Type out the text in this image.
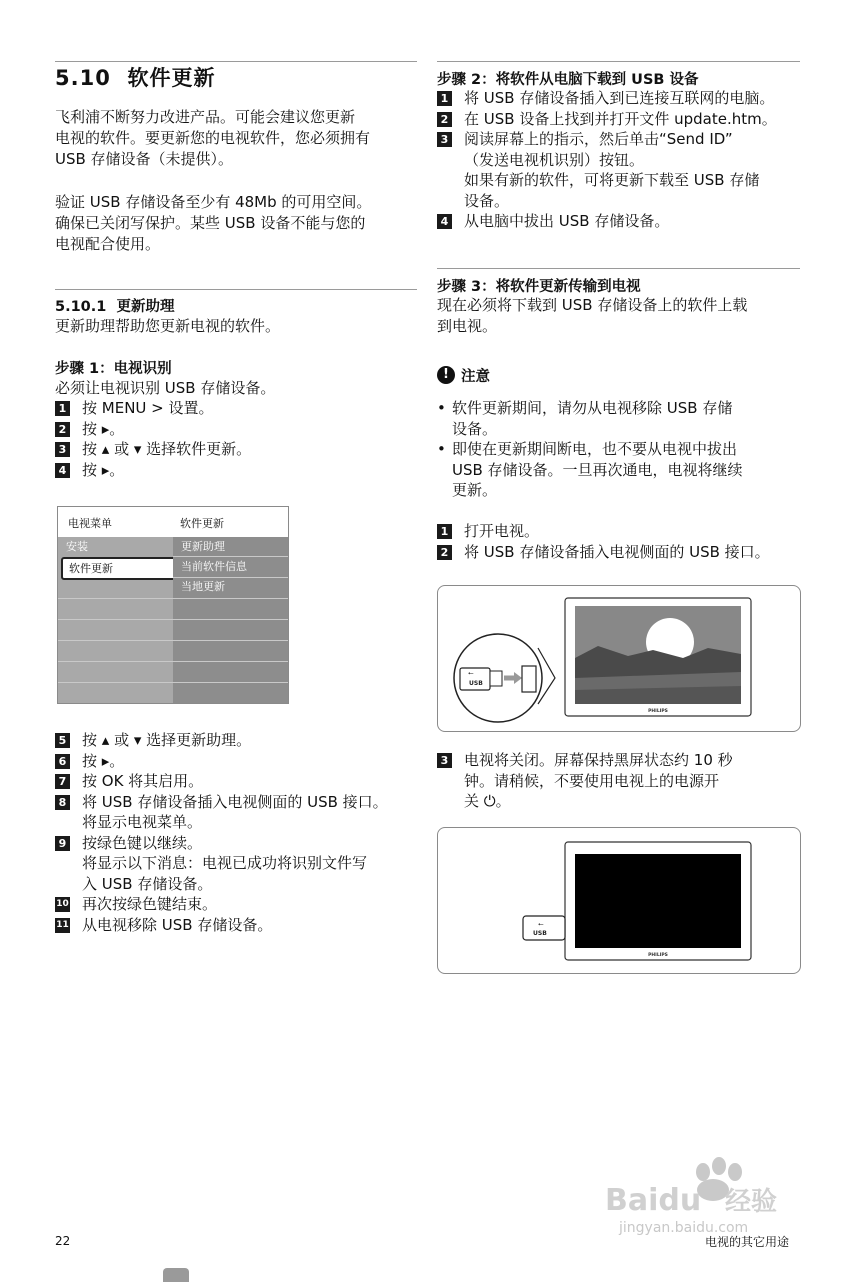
5.10 软件更新

飞利浦不断努力改进产品。可能会建议您更新
电视的软件。要更新您的电视软件，您必须拥有
USB 存储设备（未提供）。

验证 USB 存储设备至少有 48Mb 的可用空间。
确保已关闭写保护。某些 USB 设备不能与您的
电视配合使用。

5.10.1 更新助理

更新助理帮助您更新电视的软件。

步骤 1：电视识别

必须让电视识别 USB 存储设备。

1 按 MENU > 设置。
2 按 ▸。
3 按 ▴ 或 ▾ 选择软件更新。
4 按 ▸。
电视菜单	软件更新
安装
软件更新
更新助理
当前软件信息
当地更新
5 按 ▴ 或 ▾ 选择更新助理。
6 按 ▸。
7 按 OK 将其启用。
8 将 USB 存储设备插入电视侧面的 USB 接口。
将显示电视菜单。
9 按绿色键以继续。
将显示以下消息：电视已成功将识别文件写
入 USB 存储设备。
10 再次按绿色键结束。
11 从电视移除 USB 存储设备。

步骤 2：将软件从电脑下载到 USB 设备

1 将 USB 存储设备插入到已连接互联网的电脑。
2 在 USB 设备上找到并打开文件 update.htm。
3 阅读屏幕上的指示，然后单击“Send ID”
（发送电视机识别）按钮。
如果有新的软件，可将更新下载至 USB 存储
设备。
4 从电脑中拔出 USB 存储设备。

步骤 3：将软件更新传输到电视

现在必须将下载到 USB 存储设备上的软件上载
到电视。

! 注意

• 软件更新期间，请勿从电视移除 USB 存储
设备。
• 即使在更新期间断电，也不要从电视中拔出
USB 存储设备。一旦再次通电，电视将继续
更新。
1 打开电视。
2 将 USB 存储设备插入电视侧面的 USB 接口。
PHILIPS
USB
⭠
3 电视将关闭。屏幕保持黑屏状态约 10 秒
钟。请稍候，不要使用电视上的电源开
关 ⏻。
PHILIPS
USB
⭠
22	电视的其它用途
Baidu 经验
jingyan.baidu.com
